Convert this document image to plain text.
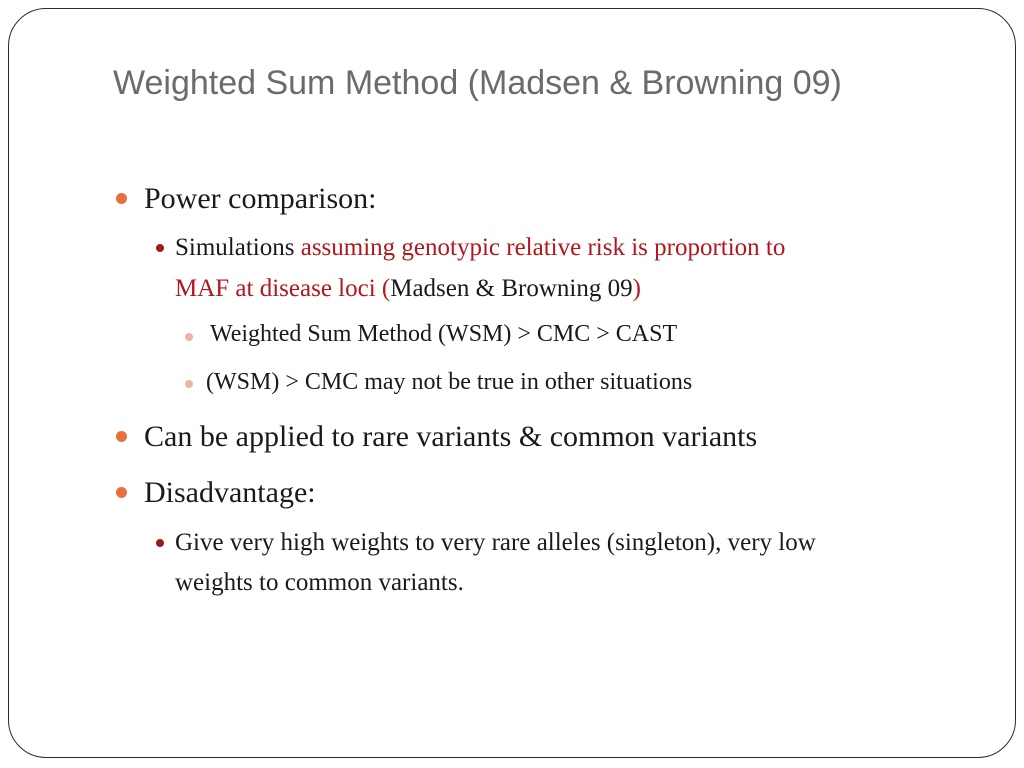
Weighted Sum Method (Madsen & Browning 09)
Power comparison:
Simulations assuming genotypic relative risk is proportion to
MAF at disease loci (Madsen & Browning 09)
Weighted Sum Method (WSM) > CMC > CAST
(WSM) > CMC may not be true in other situations
Can be applied to rare variants & common variants
Disadvantage:
Give very high weights to very rare alleles (singleton), very low
weights to common variants.
